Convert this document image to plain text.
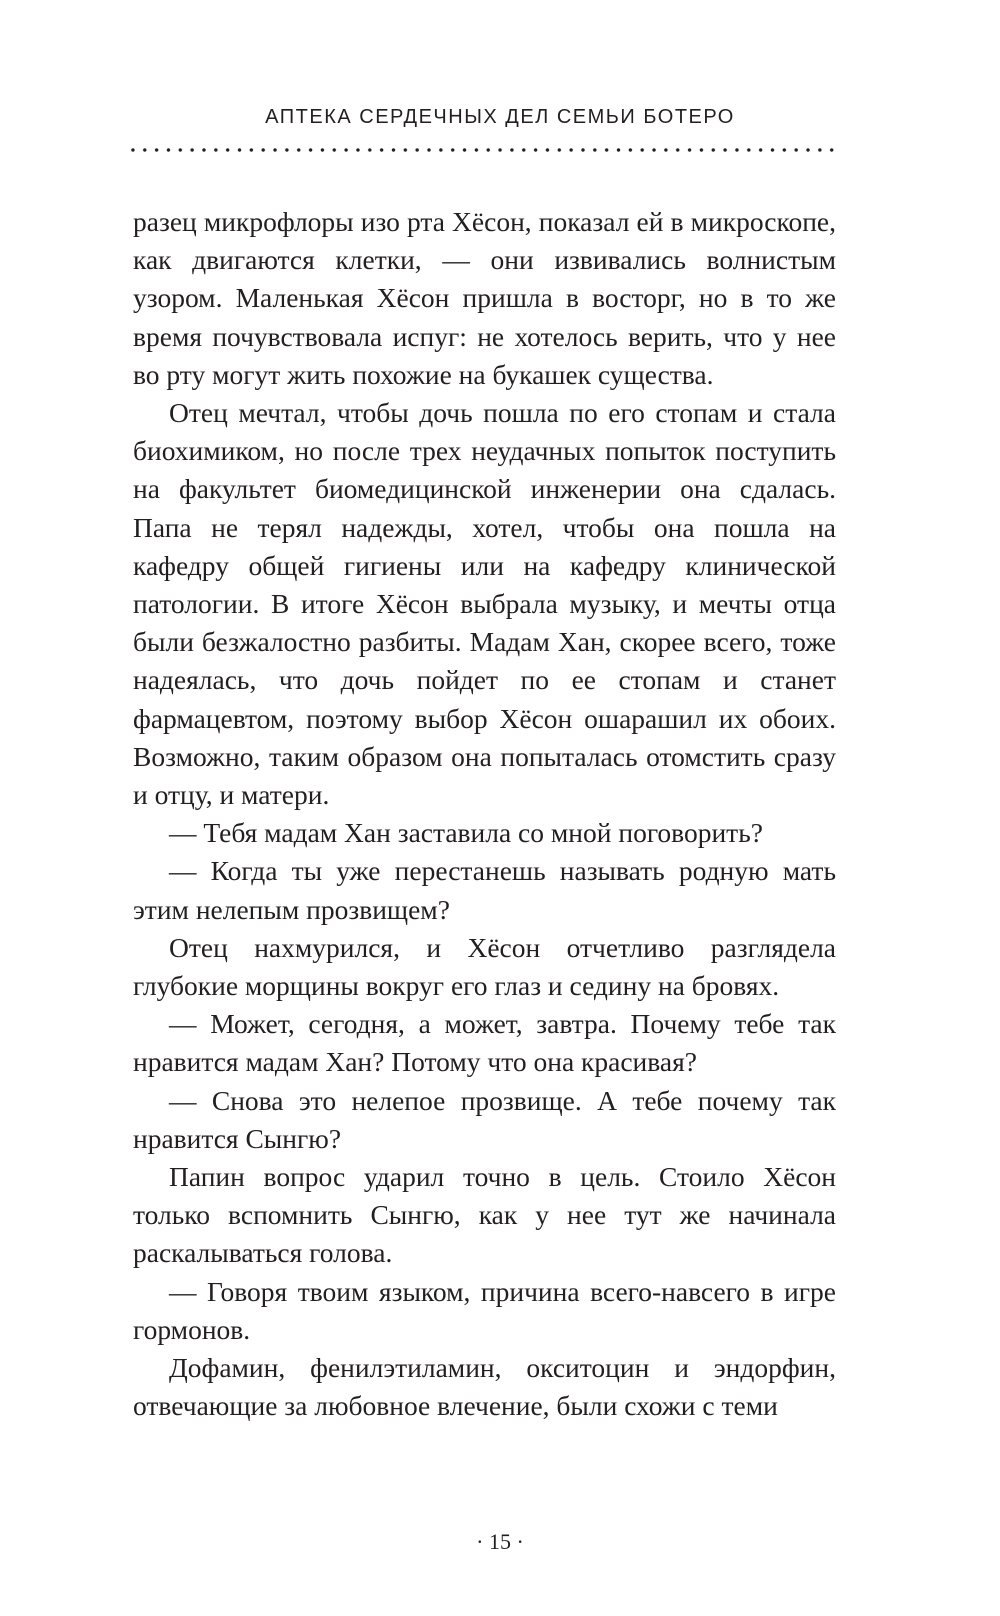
АПТЕКА СЕРДЕЧНЫХ ДЕЛ СЕМЬИ БОТЕРО

разец микрофлоры изо рта Хёсон, показал ей в микроскопе, как двигаются клетки, — они извивались волнистым узором. Маленькая Хёсон пришла в восторг, но в то же время почувствовала испуг: не хотелось верить, что у нее во рту могут жить похожие на букашек существа.

Отец мечтал, чтобы дочь пошла по его стопам и стала биохимиком, но после трех неудачных попыток поступить на факультет биомедицинской инженерии она сдалась. Папа не терял надежды, хотел, чтобы она пошла на кафедру общей гигиены или на кафедру клинической патологии. В итоге Хёсон выбрала музыку, и мечты отца были безжалостно разбиты. Мадам Хан, скорее всего, тоже надеялась, что дочь пойдет по ее стопам и станет фармацевтом, поэтому выбор Хёсон ошарашил их обоих. Возможно, таким образом она попыталась отомстить сразу и отцу, и матери.

— Тебя мадам Хан заставила со мной поговорить?

— Когда ты уже перестанешь называть родную мать этим нелепым прозвищем?

Отец нахмурился, и Хёсон отчетливо разглядела глубокие морщины вокруг его глаз и седину на бровях.

— Может, сегодня, а может, завтра. Почему тебе так нравится мадам Хан? Потому что она красивая?

— Снова это нелепое прозвище. А тебе почему так нравится Сынгю?

Папин вопрос ударил точно в цель. Стоило Хёсон только вспомнить Сынгю, как у нее тут же начинала раскалываться голова.

— Говоря твоим языком, причина всего-навсего в игре гормонов.

Дофамин, фенилэтиламин, окситоцин и эндорфин, отвечающие за любовное влечение, были схожи с теми

· 15 ·
